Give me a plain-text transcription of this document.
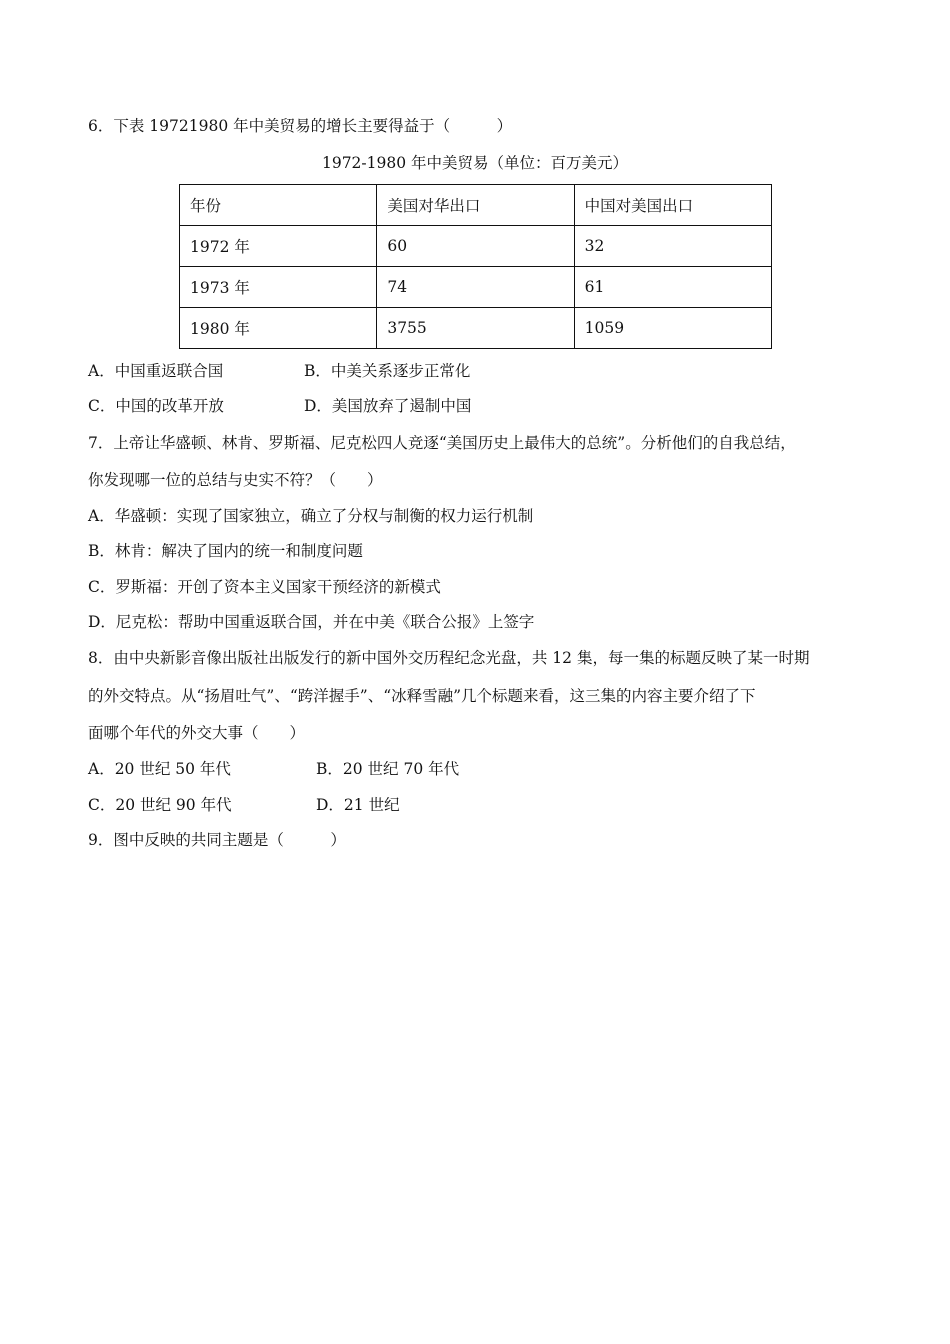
6．下表 19721980 年中美贸易的增长主要得益于（　　　）
1972-1980 年中美贸易（单位：百万美元）
年份	美国对华出口	中国对美国出口
1972 年	60	32
1973 年	74	61
1980 年	3755	1059
A．中国重返联合国	B．中美关系逐步正常化
C．中国的改革开放	D．美国放弃了遏制中国
7．上帝让华盛顿、林肯、罗斯福、尼克松四人竞逐“美国历史上最伟大的总统”。分析他们的自我总结，
你发现哪一位的总结与史实不符？（　　）
A．华盛顿：实现了国家独立，确立了分权与制衡的权力运行机制
B．林肯：解决了国内的统一和制度问题
C．罗斯福：开创了资本主义国家干预经济的新模式
D．尼克松：帮助中国重返联合国，并在中美《联合公报》上签字
8．由中央新影音像出版社出版发行的新中国外交历程纪念光盘，共 12 集，每一集的标题反映了某一时期
的外交特点。从“扬眉吐气”、“跨洋握手”、“冰释雪融”几个标题来看，这三集的内容主要介绍了下
面哪个年代的外交大事（　　）
A．20 世纪 50 年代	B．20 世纪 70 年代
C．20 世纪 90 年代	D．21 世纪
9．图中反映的共同主题是（　　　）
